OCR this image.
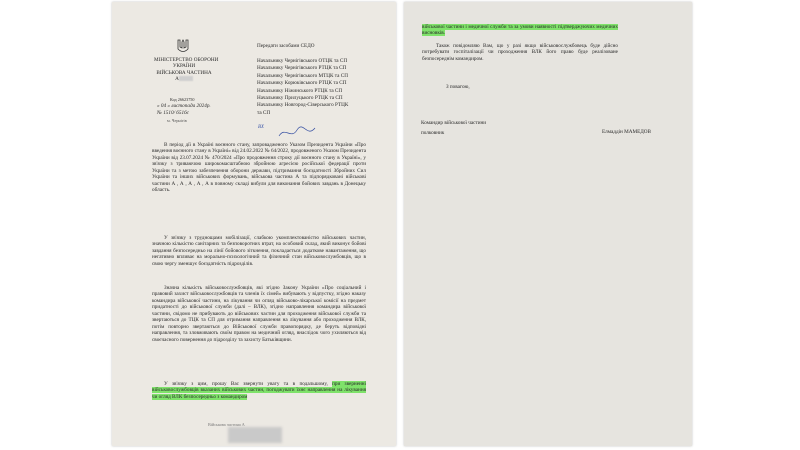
МІНІСТЕРСТВО ОБОРОНИ
УКРАЇНИ
ВІЙСЬКОВА ЧАСТИНА
А
Код 26623750
« 04 » листопада 2024р.
№ 1510/ 6516с
м. Чернігів
Передати засобами СЕДО
Начальнику Чернігівського ОТЦК та СП
Начальнику Чернігівського РТЦК та СП
Начальнику Чернігівського МТЦК та СП
Начальнику Корюківського РТЦК та СП
Начальнику Ніжинського РТЦК та СП
Начальнику Прилуцького РТЦК та СП
Начальнику Новгород-Сіверського РТЦК
та СП
ВХ
В період дії в Україні воєнного стану, запровадженого Указом Президента України «Про введення воєнного стану в Україні» від 24.02.2022 № 64/2022, продовженого Указом Президента України від 23.07.2024 № 470/2024 «Про продовження строку дії воєнного стану в Україні», у зв'язку з триваючою широкомасштабною збройною агресією російської федерації проти України та з метою забезпечення оборони держави, підтримання боєздатності Збройних Сил України та інших військових формувань, військова частина А та підпорядковані військові частини А , А , А , А , А в повному складі вибули для виконання бойових завдань в Донецьку область.
У зв'язку з труднощами мобілізації, слабкою укомплектованістю військових частин, значною кількістю санітарних та безповоротних втрат, на особовий склад, який виконує бойові завдання безпосередньо на лінії бойового зіткнення, покладається додаткове навантаження, що негативно впливає на морально-психологічний та фізичний стан військовослужбовців, що в свою чергу зменшує боєздатність підрозділів.
Значна кількість військовослужбовців, які згідно Закону України «Про соціальний і правовий захист військовослужбовців та членів їх сімей» вибувають у відпустку, згідно наказу командира військової частини, на лікування чи огляд військово-лікарської комісії на предмет придатності до військової служби (далі – ВЛК), згідно направлення командира військової частини, свідомо не прибувають до військових частин для проходження військової служби та звертаються до ТЦК та СП для отримання направлення на лікування або проходження ВЛК, потім повторно звертаються до Військової служби правопорядку, де беруть відповідні направлення, та зловживають своїм правом на медичний огляд, внаслідок чого ухиляються від своєчасного повернення до підрозділу та захисту Батьківщини.
У зв'язку з цим, прошу Вас звернути увагу та в подальшому, при зверненні військовослужбовців вказаних військових частин, погоджувати їхнє направлення на лікування чи огляд ВЛК безпосередньо з командиром
Військова частина А
військової частини і медичної служби та за умови наявності підтверджуючих медичних висновків.
Також повідомляю Вам, що у разі якщо військовослужбовець буде дійсно потребувати госпіталізації чи проходження ВЛК його право буде реалізоване безпосереднім командиром.
З повагою,
Командир військової частини
полковник	Елмаддін МАМЕДОВ
